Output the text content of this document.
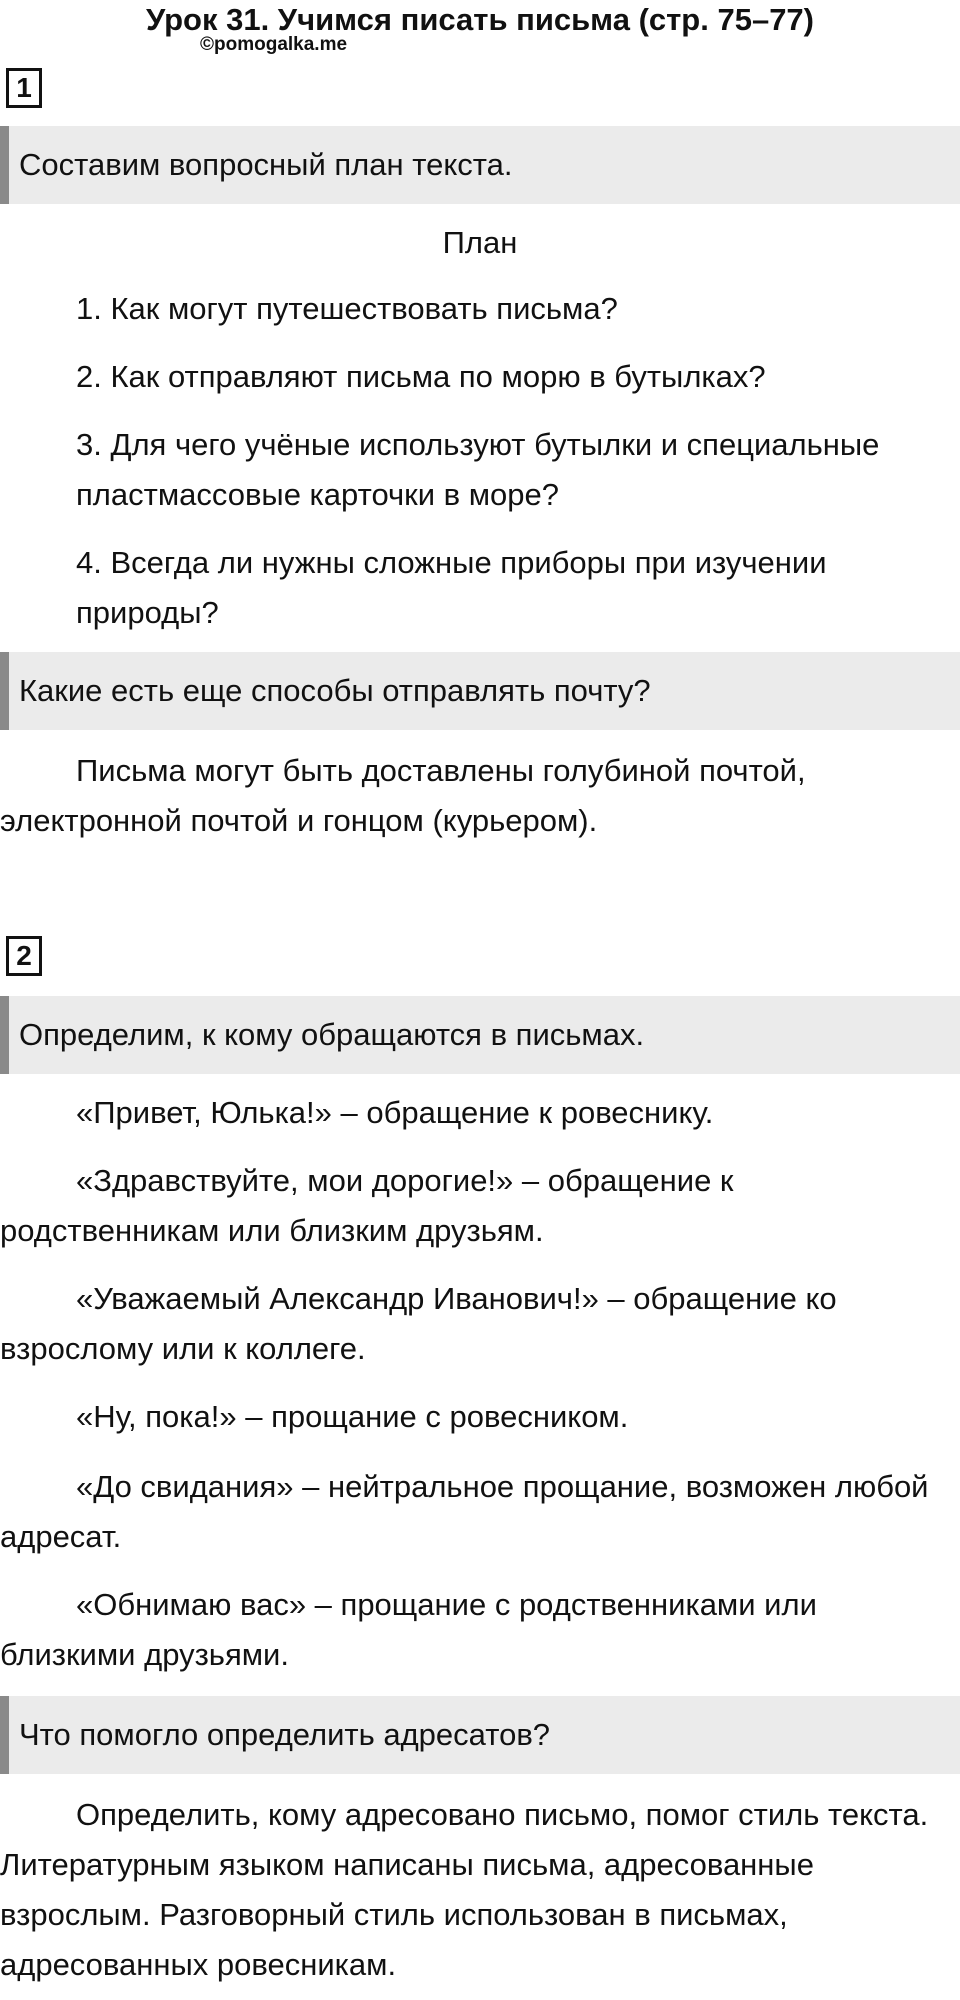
Урок 31. Учимся писать письма (стр. 75–77)
©pomogalka.me
1
Составим вопросный план текста.
План

1. Как могут путешествовать письма?

2. Как отправляют письма по морю в бутылках?

3. Для чего учёные используют бутылки и специальные пластмассовые карточки в море?

4. Всегда ли нужны сложные приборы при изучении природы?

Какие есть еще способы отправлять почту?

Письма могут быть доставлены голубиной почтой, электронной почтой и гонцом (курьером).

2
Определим, к кому обращаются в письмах.

«Привет, Юлька!» – обращение к ровеснику.

«Здравствуйте, мои дорогие!» – обращение к родственникам или близким друзьям.

«Уважаемый Александр Иванович!» – обращение ко взрослому или к коллеге.

«Ну, пока!» – прощание с ровесником.

«До свидания» – нейтральное прощание, возможен любой адресат.

«Обнимаю вас» – прощание с родственниками или близкими друзьями.

Что помогло определить адресатов?

Определить, кому адресовано письмо, помог стиль текста. Литературным языком написаны письма, адресованные взрослым. Разговорный стиль использован в письмах, адресованных ровесникам.
